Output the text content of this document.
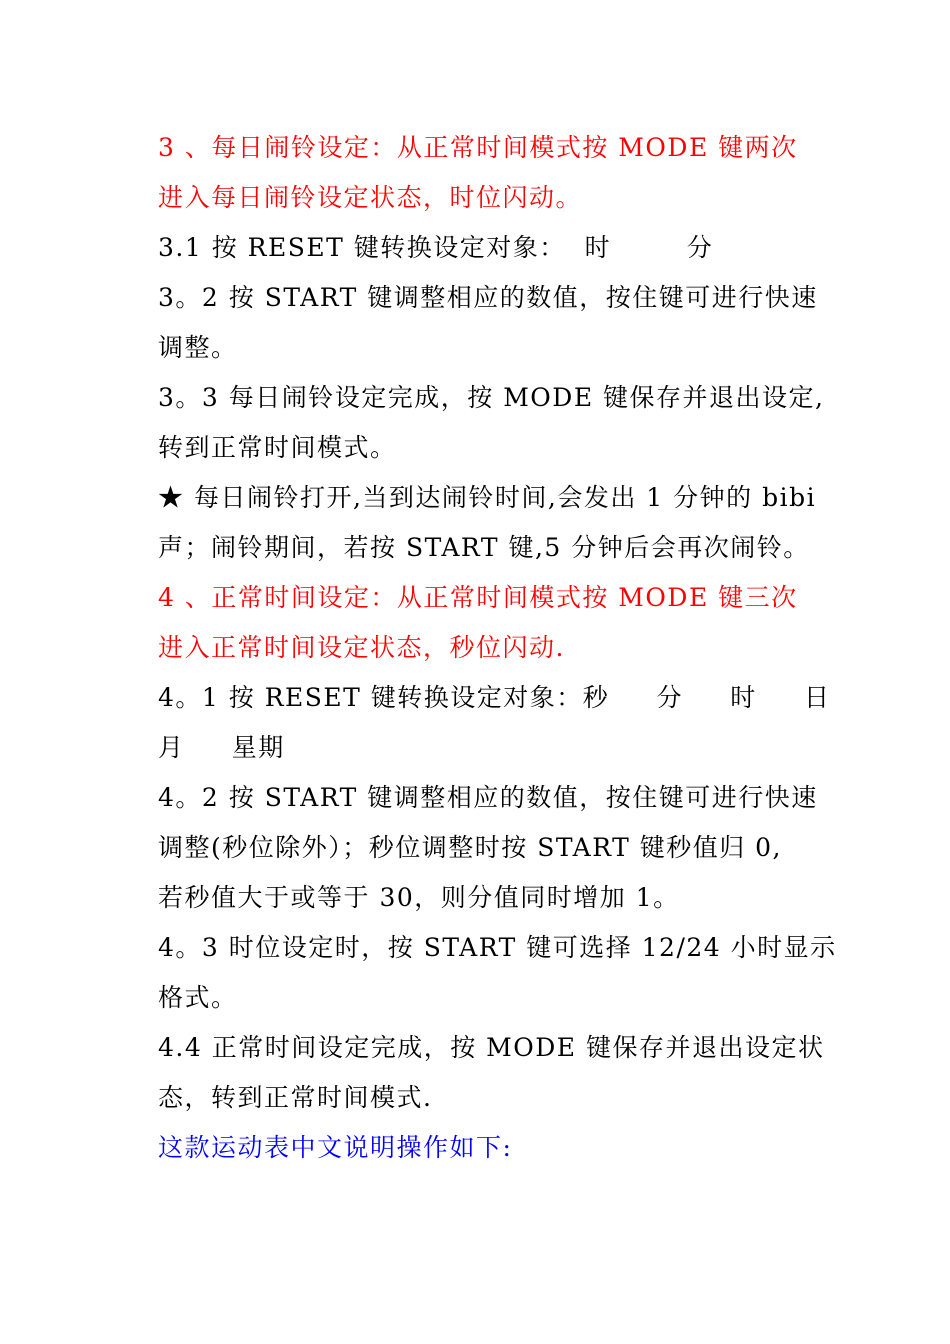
3 、每日闹铃设定：从正常时间模式按 MODE 键两次
进入每日闹铃设定状态，时位闪动。
3.1 按 RESET 键转换设定对象：  时        分
3。2 按 START 键调整相应的数值，按住键可进行快速
调整。
3。3 每日闹铃设定完成，按 MODE 键保存并退出设定,
转到正常时间模式。
★ 每日闹铃打开,当到达闹铃时间,会发出 1 分钟的 bibi
声；闹铃期间，若按 START 键,5 分钟后会再次闹铃。
4 、正常时间设定：从正常时间模式按 MODE 键三次
进入正常时间设定状态，秒位闪动.
4。1 按 RESET 键转换设定对象：秒     分     时     日
月     星期
4。2 按 START 键调整相应的数值，按住键可进行快速
调整(秒位除外）；秒位调整时按 START 键秒值归 0,
若秒值大于或等于 30，则分值同时增加 1。
4。3 时位设定时，按 START 键可选择 12/24 小时显示
格式。
4.4 正常时间设定完成，按 MODE 键保存并退出设定状
态，转到正常时间模式.
这款运动表中文说明操作如下:
